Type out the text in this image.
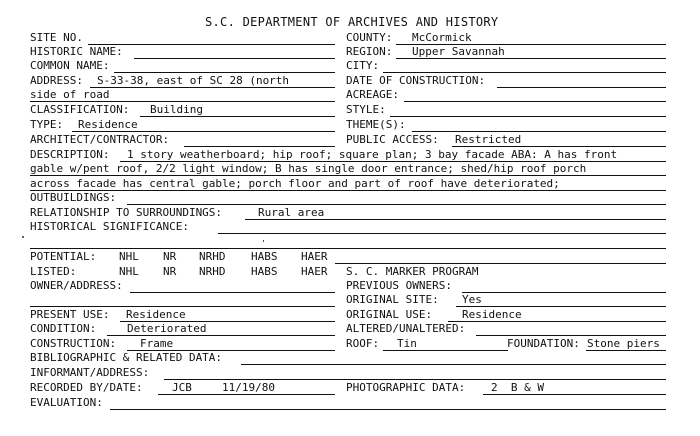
S.C. DEPARTMENT OF ARCHIVES AND HISTORY
SITE NO.	COUNTY: McCormick
HISTORIC NAME:	REGION: Upper Savannah
COMMON NAME:	CITY:
ADDRESS: S-33-38, east of SC 28 (north	DATE OF CONSTRUCTION:
side of road	ACREAGE:
CLASSIFICATION: Building	STYLE:
TYPE: Residence	THEME(S):
ARCHITECT/CONTRACTOR:	PUBLIC ACCESS: Restricted
DESCRIPTION: 1 story weatherboard; hip roof; square plan; 3 bay facade ABA: A has front
gable w/pent roof, 2/2 light window; B has single door entrance; shed/hip roof porch
across facade has central gable; porch floor and part of roof have deteriorated;
OUTBUILDINGS:
RELATIONSHIP TO SURROUNDINGS:	Rural area
HISTORICAL SIGNIFICANCE:
POTENTIAL: NHL NR NRHD HABS HAER
LISTED:	NHL NR NRHD HABS HAER S. C. MARKER PROGRAM
OWNER/ADDRESS:	PREVIOUS OWNERS:
ORIGINAL SITE: Yes
PRESENT USE: Residence	ORIGINAL USE:	Residence
CONDITION:	Deteriorated	ALTERED/UNALTERED:
CONSTRUCTION: Frame	ROOF: Tin	FOUNDATION: Stone piers
BIBLIOGRAPHIC & RELATED DATA:
INFORMANT/ADDRESS:
RECORDED BY/DATE:	JCB	11/19/80	PHOTOGRAPHIC DATA: 2  B & W
EVALUATION:
